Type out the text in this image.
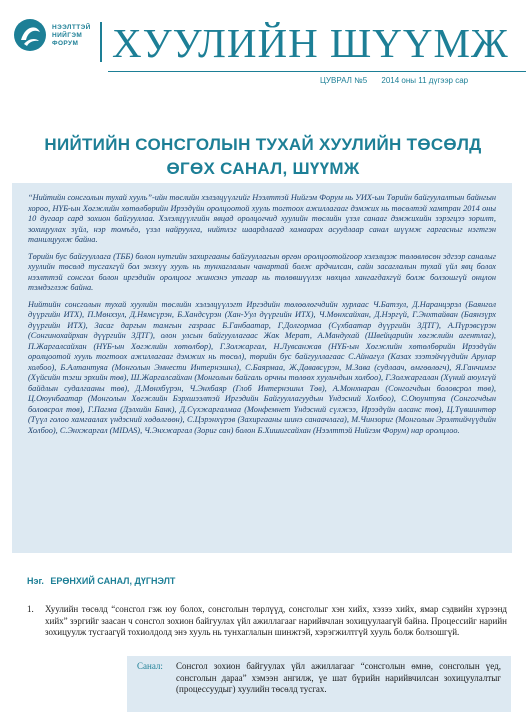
НЭЭЛТТЭЙ
НИЙГЭМ
ФОРУМ ХУУЛИЙН ШҮҮМЖ
ЦУВРАЛ №5 2014 оны 11 дүгээр сар
НИЙТИЙН СОНСГОЛЫН ТУХАЙ ХУУЛИЙН ТӨСӨЛД
ӨГӨХ САНАЛ, ШҮҮМЖ

“Нийтийн сонсголын тухай хууль”-ийн төслийн хэлэлцүүлгийг Нээлттэй Нийгэм Форум нь УИХ-ын Төрийн байгуулалтын байнгын хороо, НҮБ-ын Хөгжлийн хөтөлбөрийн Ирээдүйн оролцоотой хууль тогтоох ажиллагааг дэмжих нь төсөлтэй хамтран 2014 оны 10 дугаар сард зохион байгууллаа. Хэлэлцүүлгийн явцад оролцогчид хуулийн төслийн үзэл санааг дэмжихийн зэрэгцээ зорилт, зохицуулах зүйл, нэр томъёо, үзэл найруулга, нийтлэг шаардлагад хамаарах асуудлаар санал шүүмж гаргасныг нэгтгэн танилцуулж байна.

Төрийн бус байгууллага (ТББ) болон нутгийн захиргааны байгууллагын өргөн оролцоотойгоор хэлэлцэж төлөвлөсөн эдгээр саналыг хуулийн төсөлд тусгахгүй бол энэхүү хууль нь тунхаглалын чанартай болж ардчилсан, сайн засаглалын тухай үйл явц болох нээлттэй сонсгол болон иргэдийн оролцоог жинхэнэ утгаар нь төлөвшүүлэх нөхцөл хангагдахгүй болж болзошгүй онцлон тэмдэглэж байна.

Нийтийн сонсголын тухай хуулийн төслийн хэлэлцүүлэгт Иргэдийн төлөөлөгчдийн хурлаас Ч.Батзул, Д.Наранцэрэл (Баянгол дүүргийн ИТХ), П.Мөнхзул, Д.Нямсүрэн, Б.Хандсүрэн (Хан-Уул дүүргийн ИТХ), Ч.Мөнхсайхан, Д.Нэргүй, Г.Энхтайван (Баянзүрх дүүргийн ИТХ), Засаг даргын тамгын газраас Б.Ганбаатар, Г.Долгормаа (Сүхбаатар дүүргийн ЗДТГ), А.Пүрэвсүрэн (Сонгинохайрхан дүүргийн ЗДТГ), олон улсын байгууллагаас Жак Мерат, А.Мандухай (Швейцарийн хөгжлийн агентлаг), П.Жаргалсайхан (НҮБ-ын Хөгжлийн хөтөлбөр), Г.Золжаргал, Н.Лувсанжав (НҮБ-ын Хөгжлийн хөтөлбөрийн Ирээдүйн оролцоотой хууль тогтоох ажиллагааг дэмжих нь төсөл), төрийн бус байгууллагаас С.Айнагүл (Казах зээтэйчүүдийн Арулар холбоо), Б.Алтантуяа (Монголын Эмнести Интернэшнл), С.Баярмаа, Ж.Дававсүрэн, М.Зава (судлаач, өмгөөлөгч), Я.Ганчимэг (Хүйсийн тэгш эрхийн төв), Ш.Жаргалсайхан (Монголын байгаль орчны төлөөх хуульчдын холбоо), Г.Золжаргалан (Хүний аюулгүй байдлын судалгааны төв), Д.Мөнхбүрэн, Ч.Энхбаяр (Глоб Интернэшнл Төв), А.Монхнаран (Сонгогчдын боловсрол төв), Ц.Оюунбаатар (Монголын Хөгжлийн Бэрхшээлтэй Иргэдийн Байгууллагуудын Үндэсний Холбоо), С.Оюунтуяа (Сонгогчдын боловсрол төв), Г.Пагма (Дэлхийн Банк), Д.Сүхжаргалмаа (Монфемнет Үндэсний сүлжээ, Ирээдүйн алсанс төв), Ц.Түвшинтөр (Түүл голоо хамгаалах үндэсний хөдөлгөөн), С.Цэрэнхүрэв (Захиргааны шинэ санаачлага), М.Чинзориг (Монголын Эрэлтийчүүдийн Холбоо), С.Энхжаргал (MIDAS), Ч.Энхжаргал (Зориг сан) болон Б.Хишигсайхан (Нээлттэй Нийгэм Форум) нар оролцлоо.

Нэг. ЕРӨНХИЙ САНАЛ, ДҮГНЭЛТ
1. Хуулийн төсөлд “сонсгол гэж юу болох, сонсголын төрлүүд, сонсголыг хэн хийх, хэзээ хийх, ямар сэдвийн хүрээнд хийх” зэргийг заасан ч сонсгол зохион байгуулах үйл ажиллагааг нарийвчлан зохицуулаагүй байна. Процессийг нарийн зохицуулж тусгаагүй тохиолдолд энэ хууль нь тунхаглалын шинжтэй, хэрэгжилтгүй хууль болж болзошгүй.
Санал: Сонсгол зохион байгуулах үйл ажиллагааг “сонсголын өмнө, сонсголын үед, сонсголын дараа” хэмээн ангилж, үе шат бүрийн нарийвчилсан зохицуулалтыг (процессуудыг) хуулийн төсөлд тусгах.
